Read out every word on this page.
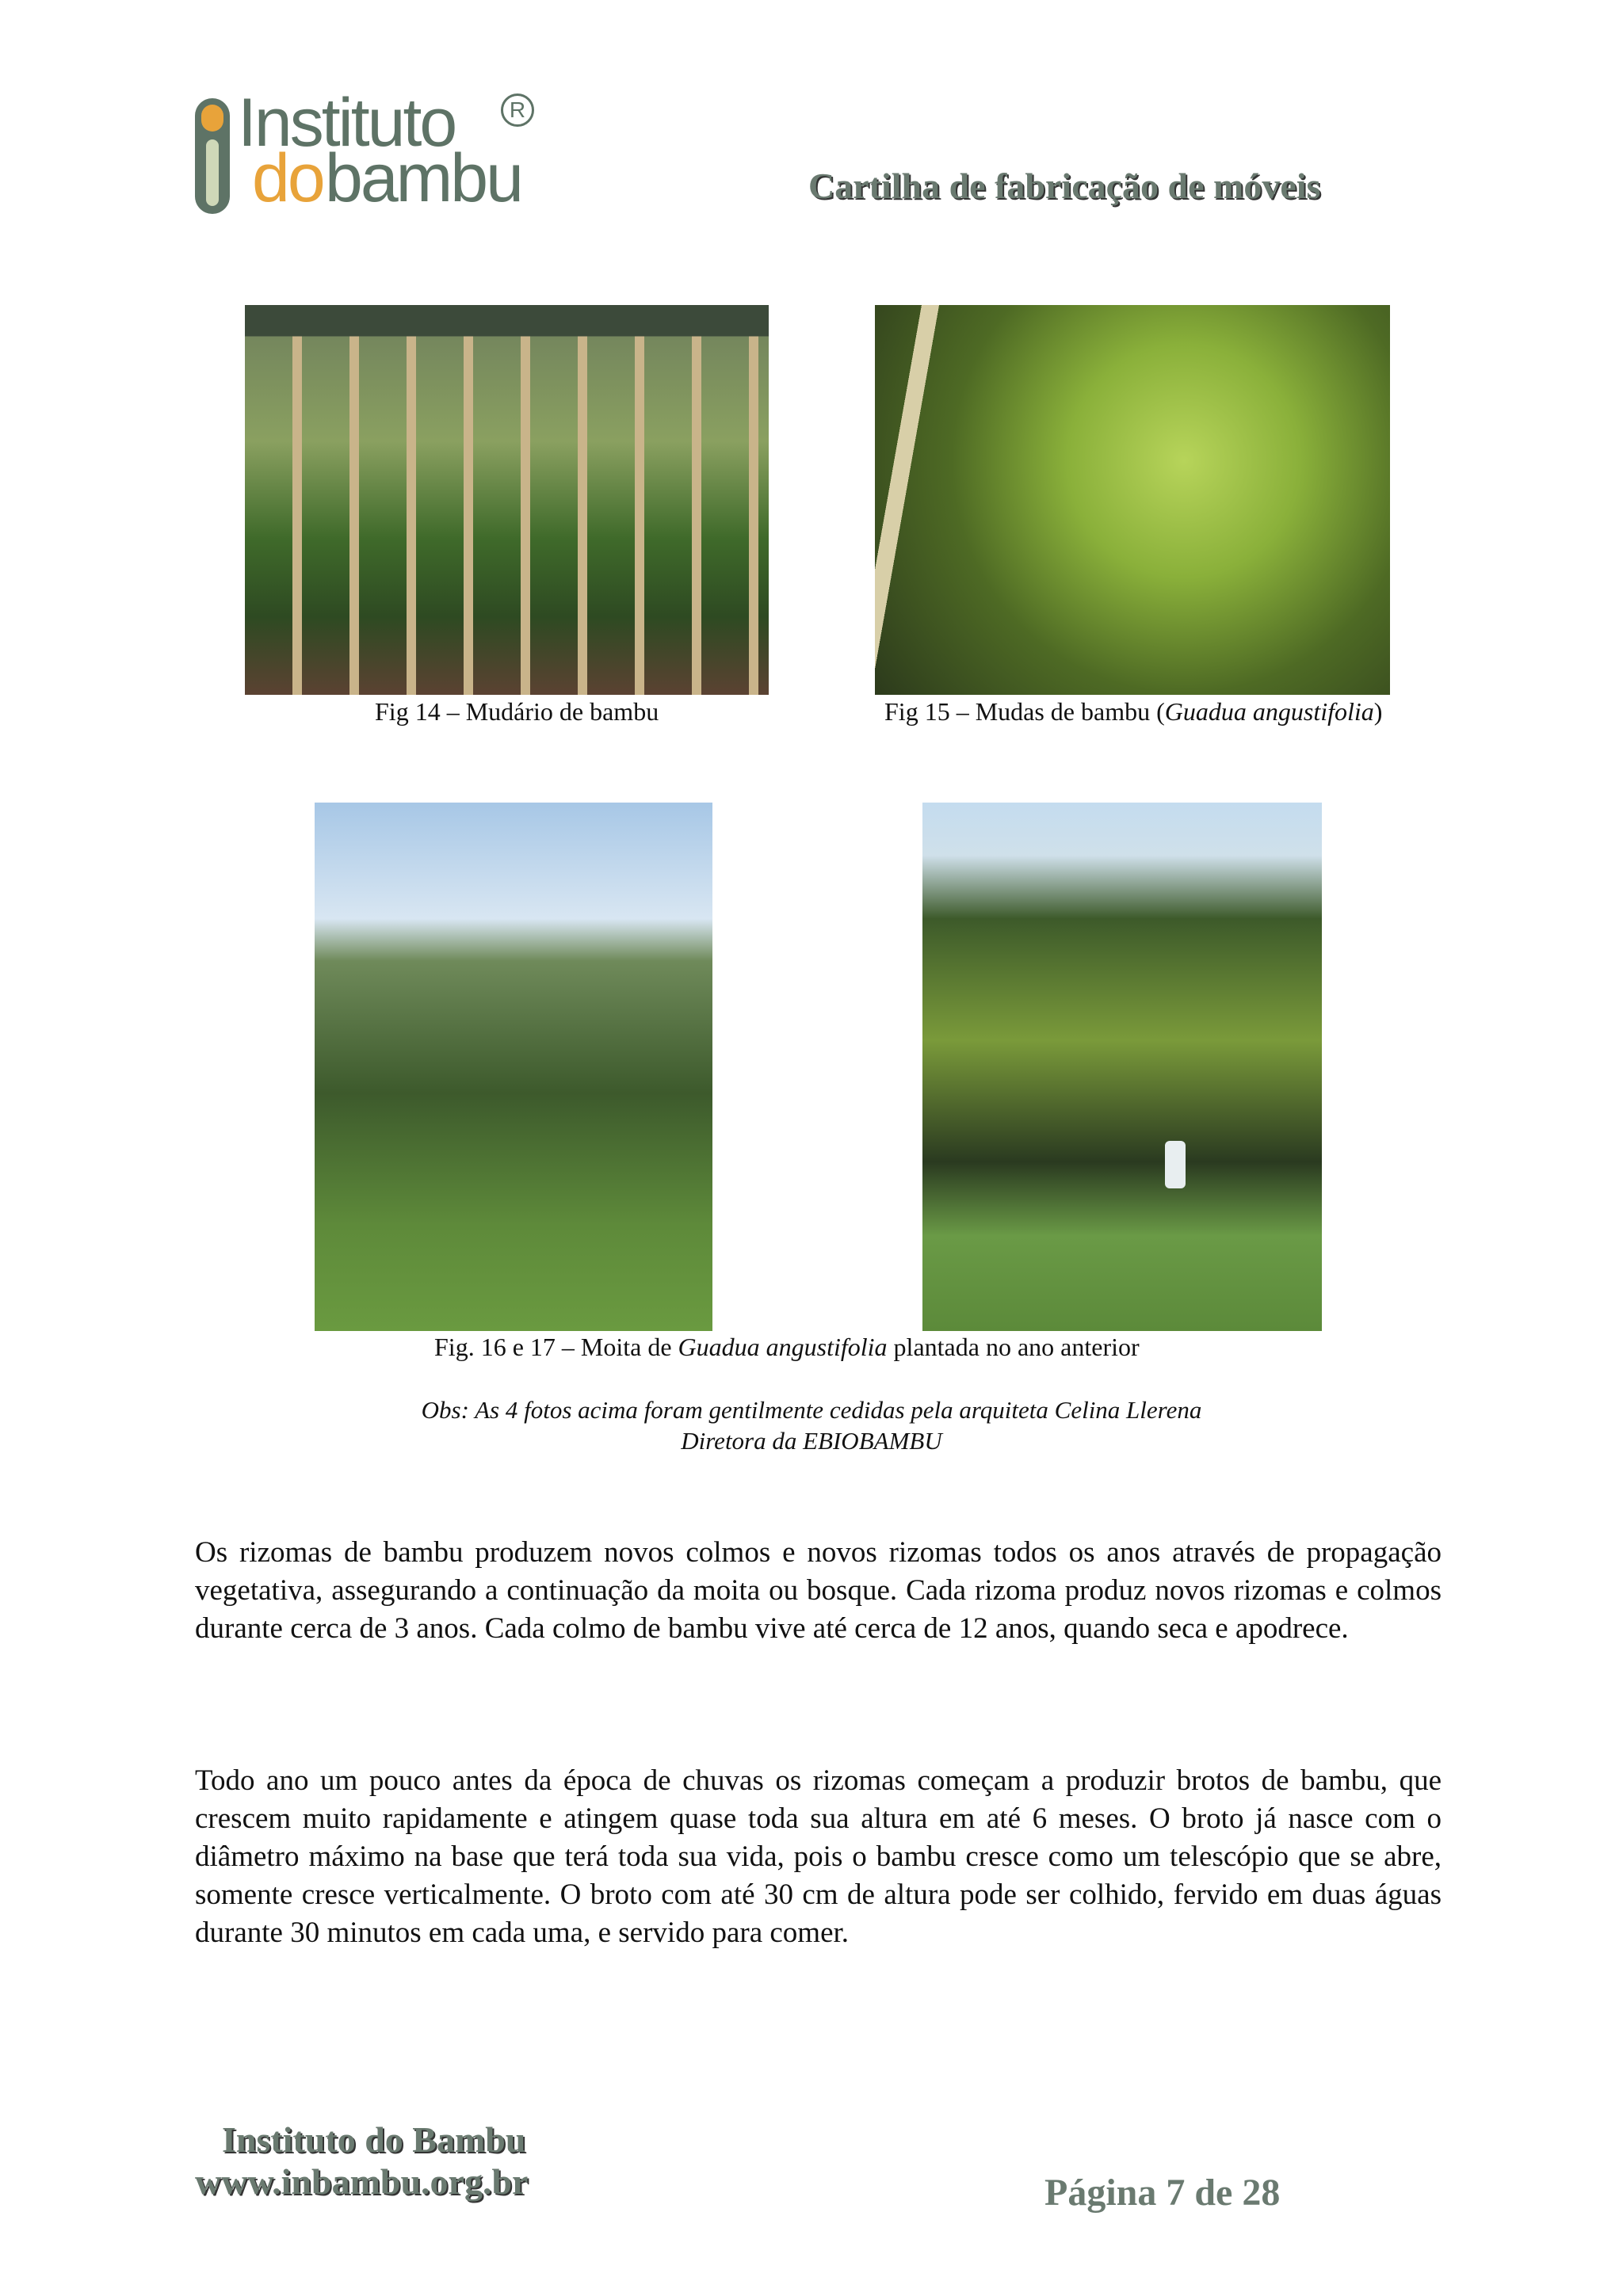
Instituto
do bambu
R
Cartilha de fabricação de móveis
Fig 14 – Mudário de bambu	Fig 15 – Mudas de bambu (Guadua angustifolia)
Fig. 16 e 17 – Moita de Guadua angustifolia plantada no ano anterior
Obs: As 4 fotos acima foram gentilmente cedidas pela arquiteta Celina Llerena
Diretora da EBIOBAMBU
Os rizomas de bambu produzem novos colmos e novos rizomas todos os anos através de propagação vegetativa, assegurando a continuação da moita ou bosque. Cada rizoma produz novos rizomas e colmos durante cerca de 3 anos. Cada colmo de bambu vive até cerca de 12 anos, quando seca e apodrece.
Todo ano um pouco antes da época de chuvas os rizomas começam a produzir brotos de bambu, que crescem muito rapidamente e atingem quase toda sua altura em até 6 meses. O broto já nasce com o diâmetro máximo na base que terá toda sua vida, pois o bambu cresce como um telescópio que se abre, somente cresce verticalmente. O broto com até 30 cm de altura pode ser colhido, fervido em duas águas durante 30 minutos em cada uma, e servido para comer.
Instituto do Bambu
www.inbambu.org.br	Página 7 de 28
